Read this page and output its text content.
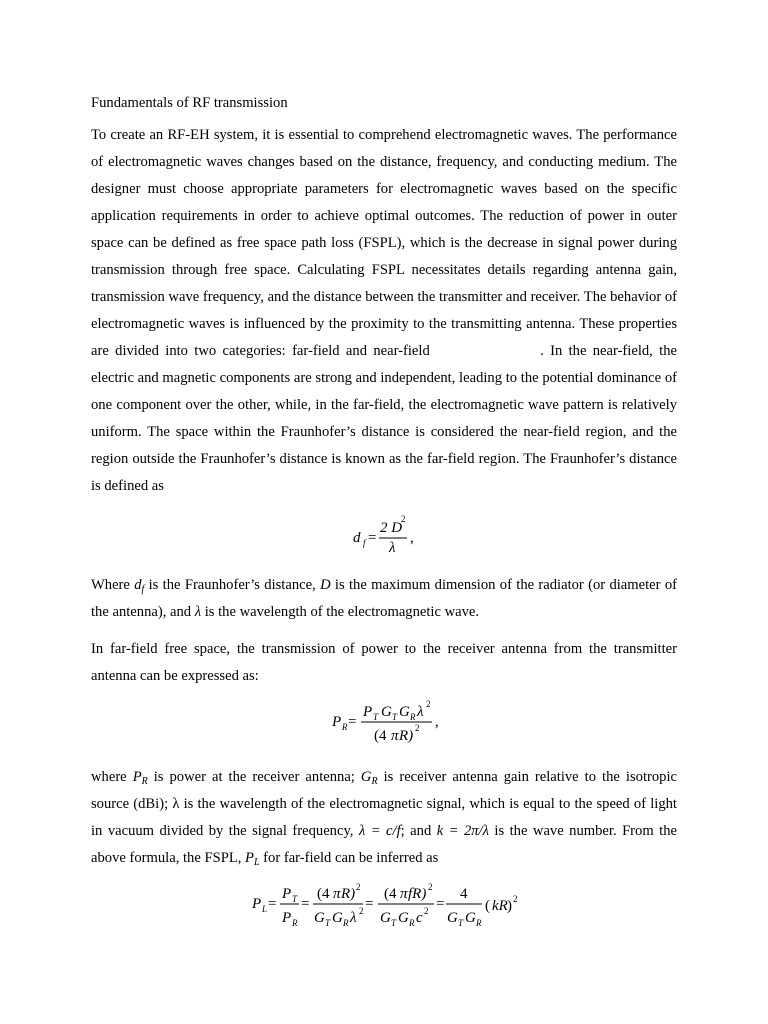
Fundamentals of RF transmission

To create an RF-EH system, it is essential to comprehend electromagnetic waves. The performance of electromagnetic waves changes based on the distance, frequency, and conducting medium. The designer must choose appropriate parameters for electromagnetic waves based on the specific application requirements in order to achieve optimal outcomes. The reduction of power in outer space can be defined as free space path loss (FSPL), which is the decrease in signal power during transmission through free space. Calculating FSPL necessitates details regarding antenna gain, transmission wave frequency, and the distance between the transmitter and receiver. The behavior of electromagnetic waves is influenced by the proximity to the transmitting antenna. These properties are divided into two categories: far-field and near-field	. In the near-field, the electric and magnetic components are strong and independent, leading to the potential dominance of one component over the other, while, in the far-field, the electromagnetic wave pattern is relatively uniform. The space within the Fraunhofer’s distance is considered the near-field region, and the region outside the Fraunhofer’s distance is known as the far-field region. The Fraunhofer’s distance is defined as

d f =
2 D
2
λ
,

Where $d_f$ is the Fraunhofer’s distance, D is the maximum dimension of the radiator (or diameter of the antenna), and λ is the wavelength of the electromagnetic wave.

In far-field free space, the transmission of power to the receiver antenna from the transmitter antenna can be expressed as:

P R =
P T G T G R λ 2
(4 π R) 2 ,

where $P_R$ is power at the receiver antenna; $G_R$ is receiver antenna gain relative to the isotropic source (dBi); λ is the wavelength of the electromagnetic signal, which is equal to the speed of light in vacuum divided by the signal frequency, λ = c/f; and k = 2π/λ is the wave number. From the above formula, the FSPL, $P_L$ for far-field can be inferred as

P L =
P T
P R
=
(4 π R) 2
G T G R λ 2 =
(4 π fR) 2
G T G R c 2 =
4
G T G R
( kR ) 2
